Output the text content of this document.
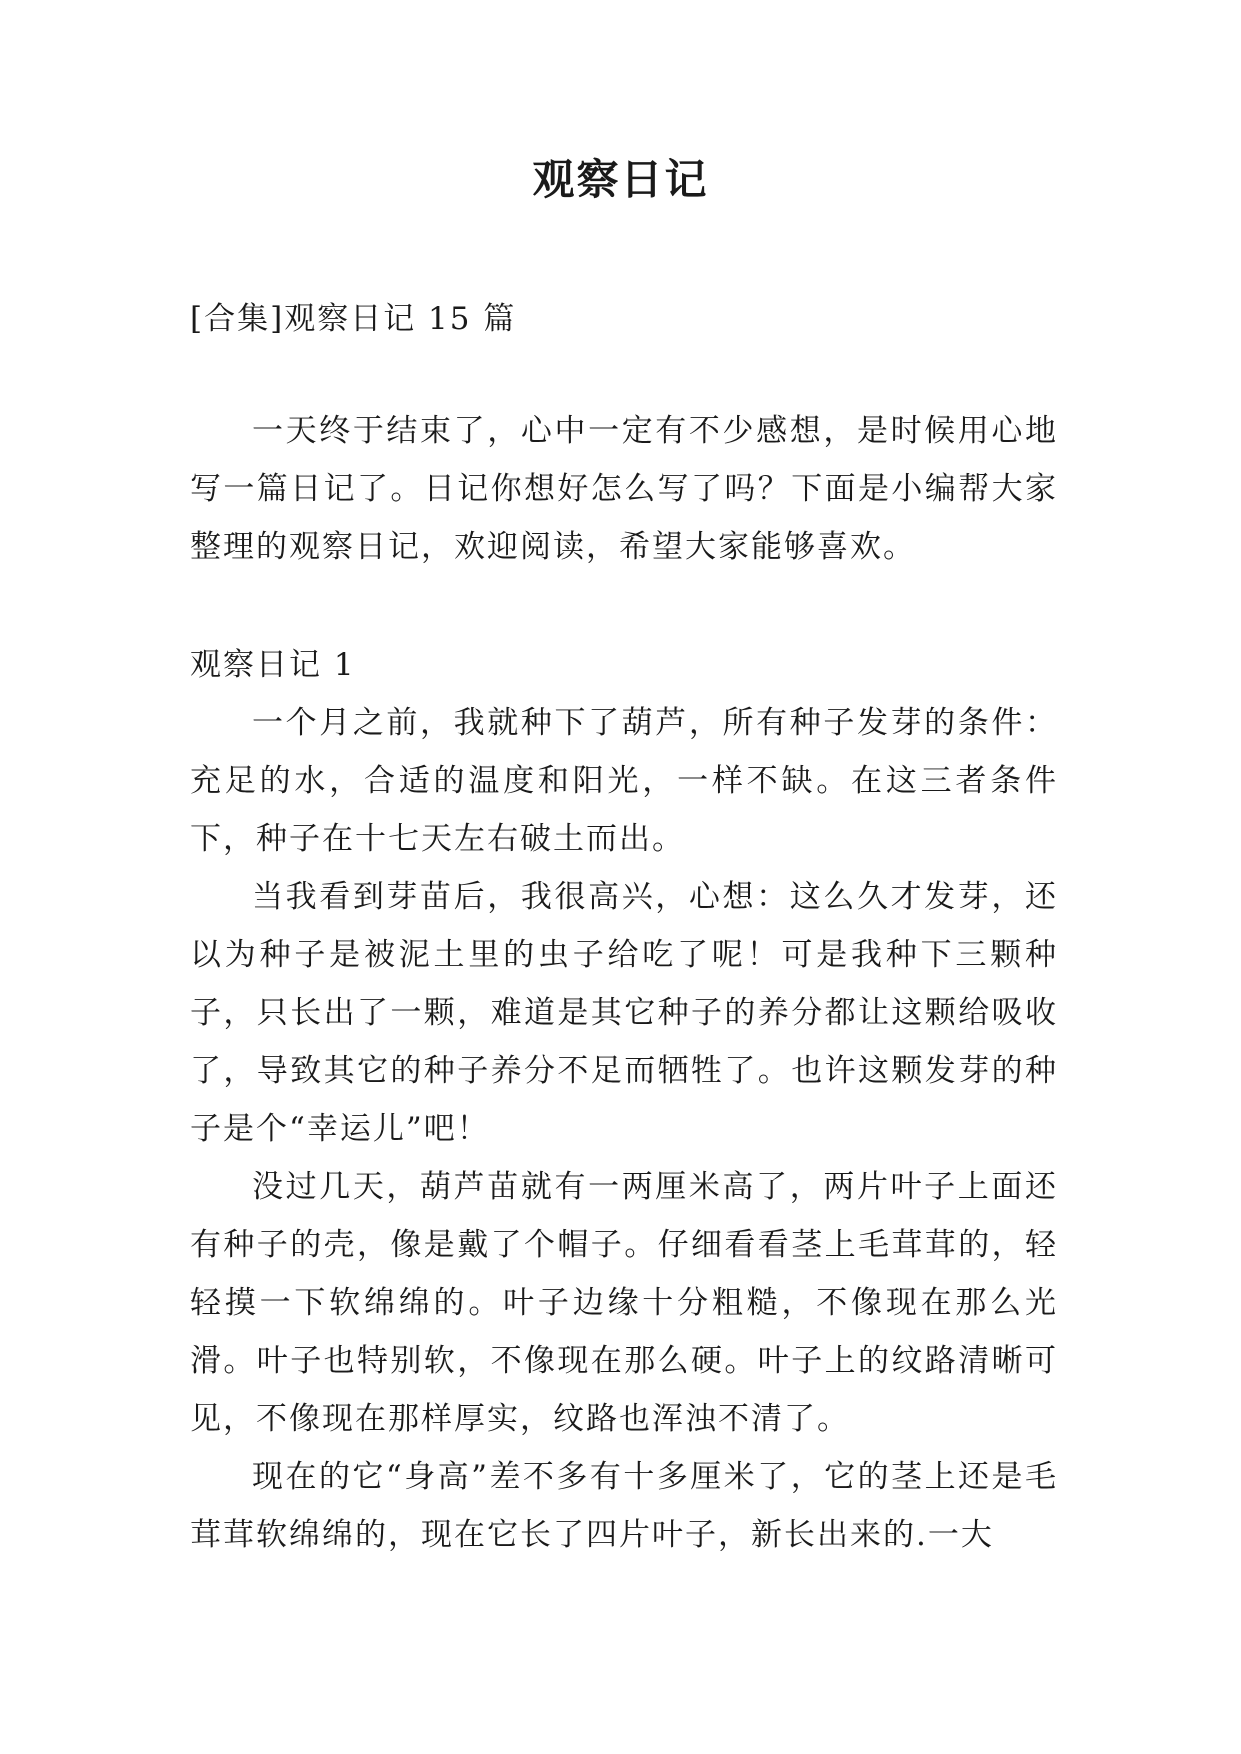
观察日记
[合集]观察日记 15 篇

一天终于结束了，心中一定有不少感想，是时候用心地写一篇日记了。日记你想好怎么写了吗？下面是小编帮大家整理的观察日记，欢迎阅读，希望大家能够喜欢。

观察日记 1

一个月之前，我就种下了葫芦，所有种子发芽的条件：充足的水，合适的温度和阳光，一样不缺。在这三者条件下，种子在十七天左右破土而出。

当我看到芽苗后，我很高兴，心想：这么久才发芽，还以为种子是被泥土里的虫子给吃了呢！可是我种下三颗种子，只长出了一颗，难道是其它种子的养分都让这颗给吸收了，导致其它的种子养分不足而牺牲了。也许这颗发芽的种子是个“幸运儿”吧！

没过几天，葫芦苗就有一两厘米高了，两片叶子上面还有种子的壳，像是戴了个帽子。仔细看看茎上毛茸茸的，轻轻摸一下软绵绵的。叶子边缘十分粗糙，不像现在那么光滑。叶子也特别软，不像现在那么硬。叶子上的纹路清晰可见，不像现在那样厚实，纹路也浑浊不清了。

现在的它“身高”差不多有十多厘米了，它的茎上还是毛茸茸软绵绵的，现在它长了四片叶子，新长出来的.一大
